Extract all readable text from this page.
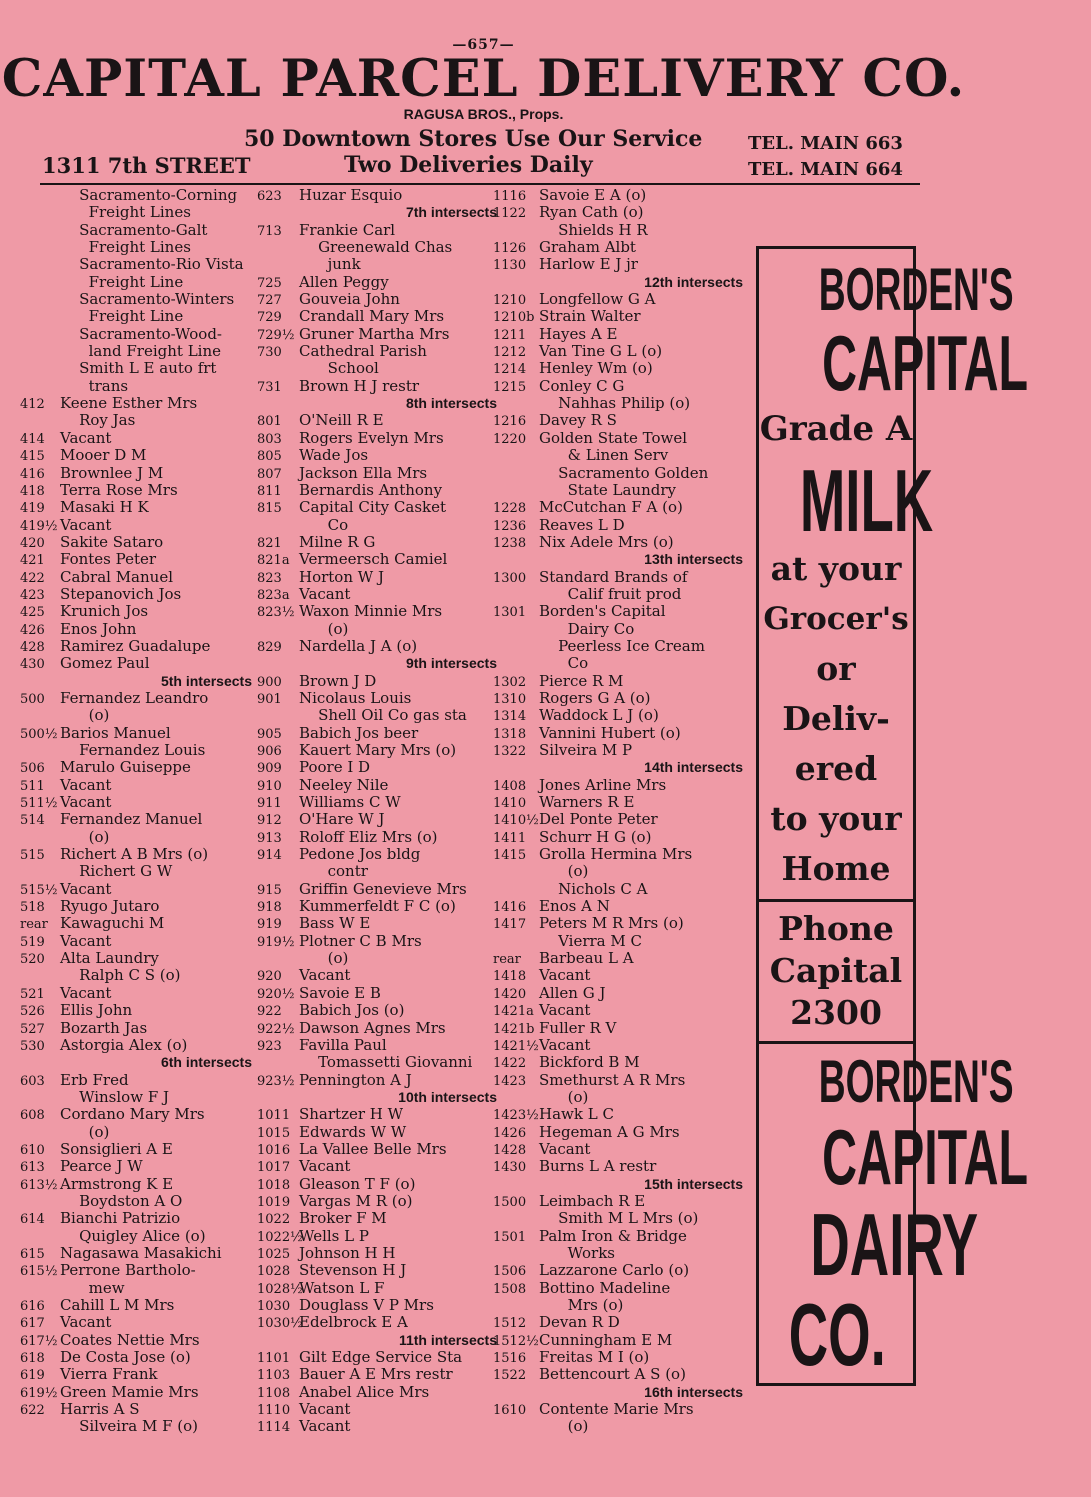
—657—
CAPITAL PARCEL DELIVERY CO.
RAGUSA BROS., Props.
50 Downtown Stores Use Our Service
Two Deliveries Daily
1311 7th STREET
TEL. MAIN 663
TEL. MAIN 664
Sacramento-Corning
Freight Lines
Sacramento-Galt
Freight Lines
Sacramento-Rio Vista
Freight Line
Sacramento-Winters
Freight Line
Sacramento-Wood-
land Freight Line
Smith L E auto frt
trans
412 Keene Esther Mrs
Roy Jas
414 Vacant
415 Mooer D M
416 Brownlee J M
418 Terra Rose Mrs
419 Masaki H K
419½ Vacant
420 Sakite Sataro
421 Fontes Peter
422 Cabral Manuel
423 Stepanovich Jos
425 Krunich Jos
426 Enos John
428 Ramirez Guadalupe
430 Gomez Paul
5th intersects
500 Fernandez Leandro
(o)
500½ Barios Manuel
Fernandez Louis
506 Marulo Guiseppe
511 Vacant
511½ Vacant
514 Fernandez Manuel
(o)
515 Richert A B Mrs (o)
Richert G W
515½ Vacant
518 Ryugo Jutaro
rear Kawaguchi M
519 Vacant
520 Alta Laundry
Ralph C S (o)
521 Vacant
526 Ellis John
527 Bozarth Jas
530 Astorgia Alex (o)
6th intersects
603 Erb Fred
Winslow F J
608 Cordano Mary Mrs
(o)
610 Sonsiglieri A E
613 Pearce J W
613½ Armstrong K E
Boydston A O
614 Bianchi Patrizio
Quigley Alice (o)
615 Nagasawa Masakichi
615½ Perrone Bartholo-
mew
616 Cahill L M Mrs
617 Vacant
617½ Coates Nettie Mrs
618 De Costa Jose (o)
619 Vierra Frank
619½ Green Mamie Mrs
622 Harris A S
Silveira M F (o)
623 Huzar Esquio
7th intersects
713 Frankie Carl
Greenewald Chas
junk
725 Allen Peggy
727 Gouveia John
729 Crandall Mary Mrs
729½ Gruner Martha Mrs
730 Cathedral Parish
School
731 Brown H J restr
8th intersects
801 O'Neill R E
803 Rogers Evelyn Mrs
805 Wade Jos
807 Jackson Ella Mrs
811 Bernardis Anthony
815 Capital City Casket
Co
821 Milne R G
821a Vermeersch Camiel
823 Horton W J
823a Vacant
823½ Waxon Minnie Mrs
(o)
829 Nardella J A (o)
9th intersects
900 Brown J D
901 Nicolaus Louis
Shell Oil Co gas sta
905 Babich Jos beer
906 Kauert Mary Mrs (o)
909 Poore I D
910 Neeley Nile
911 Williams C W
912 O'Hare W J
913 Roloff Eliz Mrs (o)
914 Pedone Jos bldg
contr
915 Griffin Genevieve Mrs
918 Kummerfeldt F C (o)
919 Bass W E
919½ Plotner C B Mrs
(o)
920 Vacant
920½ Savoie E B
922 Babich Jos (o)
922½ Dawson Agnes Mrs
923 Favilla Paul
Tomassetti Giovanni
923½ Pennington A J
10th intersects
1011 Shartzer H W
1015 Edwards W W
1016 La Vallee Belle Mrs
1017 Vacant
1018 Gleason T F (o)
1019 Vargas M R (o)
1022 Broker F M
1022½Wells L P
1025 Johnson H H
1028 Stevenson H J
1028½Watson L F
1030 Douglass V P Mrs
1030½Edelbrock E A
11th intersects
1101 Gilt Edge Service Sta
1103 Bauer A E Mrs restr
1108 Anabel Alice Mrs
1110 Vacant
1114 Vacant
1116 Savoie E A (o)
1122 Ryan Cath (o)
Shields H R
1126 Graham Albt
1130 Harlow E J jr
12th intersects
1210 Longfellow G A
1210b Strain Walter
1211 Hayes A E
1212 Van Tine G L (o)
1214 Henley Wm (o)
1215 Conley C G
Nahhas Philip (o)
1216 Davey R S
1220 Golden State Towel
& Linen Serv
Sacramento Golden
State Laundry
1228 McCutchan F A (o)
1236 Reaves L D
1238 Nix Adele Mrs (o)
13th intersects
1300 Standard Brands of
Calif fruit prod
1301 Borden's Capital
Dairy Co
Peerless Ice Cream
Co
1302 Pierce R M
1310 Rogers G A (o)
1314 Waddock L J (o)
1318 Vannini Hubert (o)
1322 Silveira M P
14th intersects
1408 Jones Arline Mrs
1410 Warners R E
1410½Del Ponte Peter
1411 Schurr H G (o)
1415 Grolla Hermina Mrs
(o)
Nichols C A
1416 Enos A N
1417 Peters M R Mrs (o)
Vierra M C
rear Barbeau L A
1418 Vacant
1420 Allen G J
1421a Vacant
1421b Fuller R V
1421½Vacant
1422 Bickford B M
1423 Smethurst A R Mrs
(o)
1423½Hawk L C
1426 Hegeman A G Mrs
1428 Vacant
1430 Burns L A restr
15th intersects
1500 Leimbach R E
Smith M L Mrs (o)
1501 Palm Iron & Bridge
Works
1506 Lazzarone Carlo (o)
1508 Bottino Madeline
Mrs (o)
1512 Devan R D
1512½Cunningham E M
1516 Freitas M I (o)
1522 Bettencourt A S (o)
16th intersects
1610 Contente Marie Mrs
(o)
BORDEN'S
CAPITAL
Grade A
MILK
at your
Grocer's
or
Deliv-
ered
to your
Home
Phone
Capital
2300
BORDEN'S
CAPITAL
DAIRY
CO.
